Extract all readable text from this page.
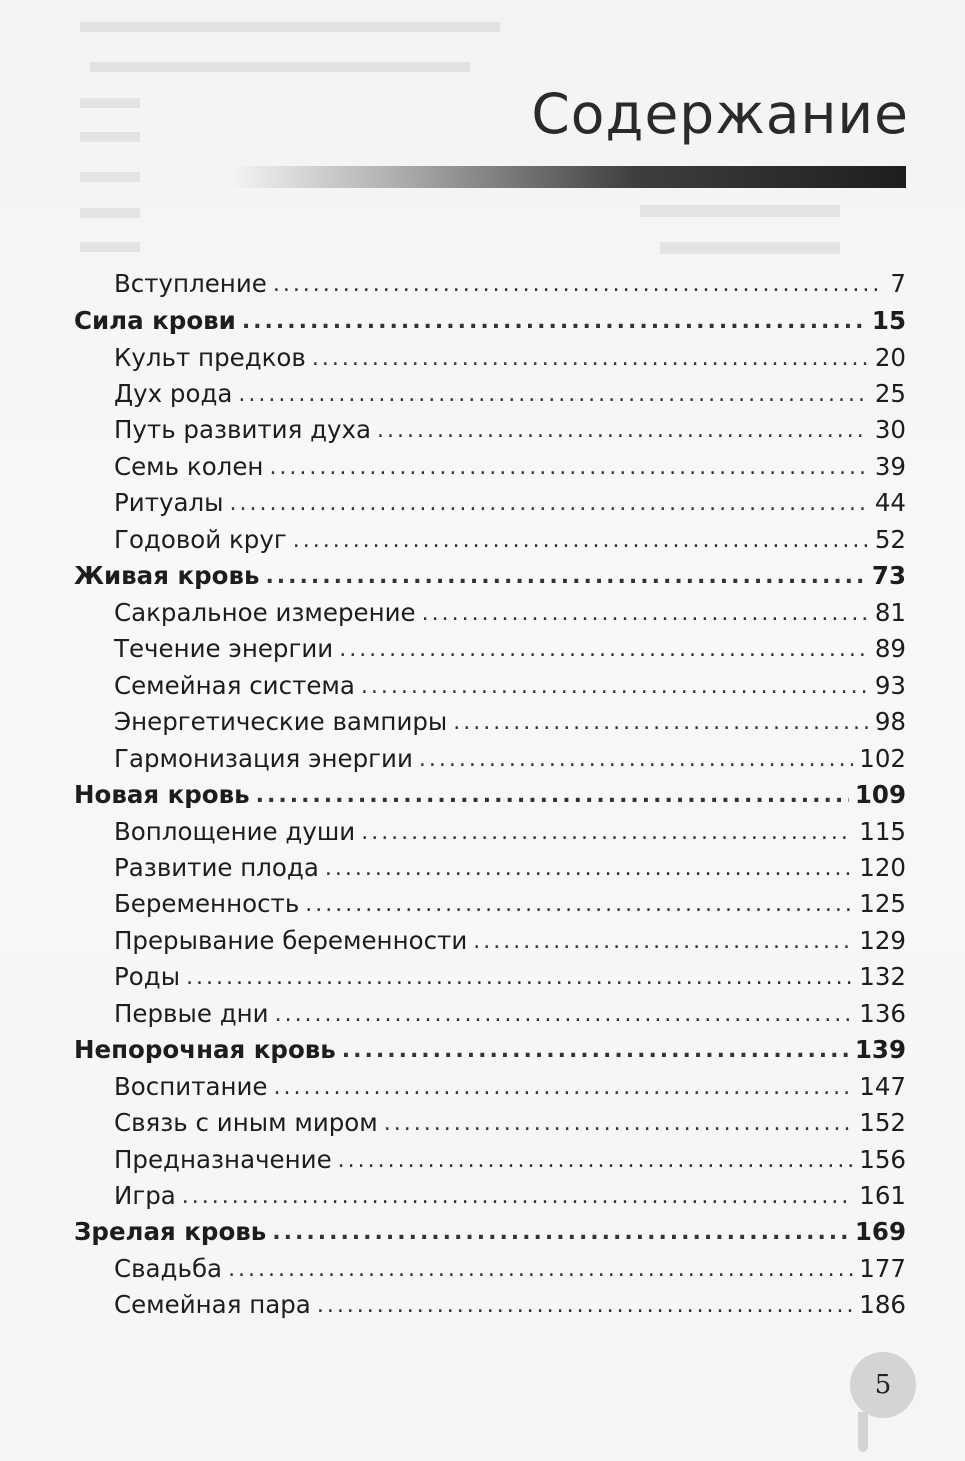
Содержание
Вступление .....	7
Сила крови .....	15
Культ предков .....	20
Дух рода .....	25
Путь развития духа .....	30
Семь колен .....	39
Ритуалы .....	44
Годовой круг .....	52
Живая кровь .....	73
Сакральное измерение .....	81
Течение энергии .....	89
Семейная система .....	93
Энергетические вампиры .....	98
Гармонизация энергии .....	102
Новая кровь .....	109
Воплощение души .....	115
Развитие плода .....	120
Беременность .....	125
Прерывание беременности .....	129
Роды .....	132
Первые дни .....	136
Непорочная кровь .....	139
Воспитание .....	147
Связь с иным миром .....	152
Предназначение .....	156
Игра .....	161
Зрелая кровь .....	169
Свадьба .....	177
Семейная пара .....	186
5
